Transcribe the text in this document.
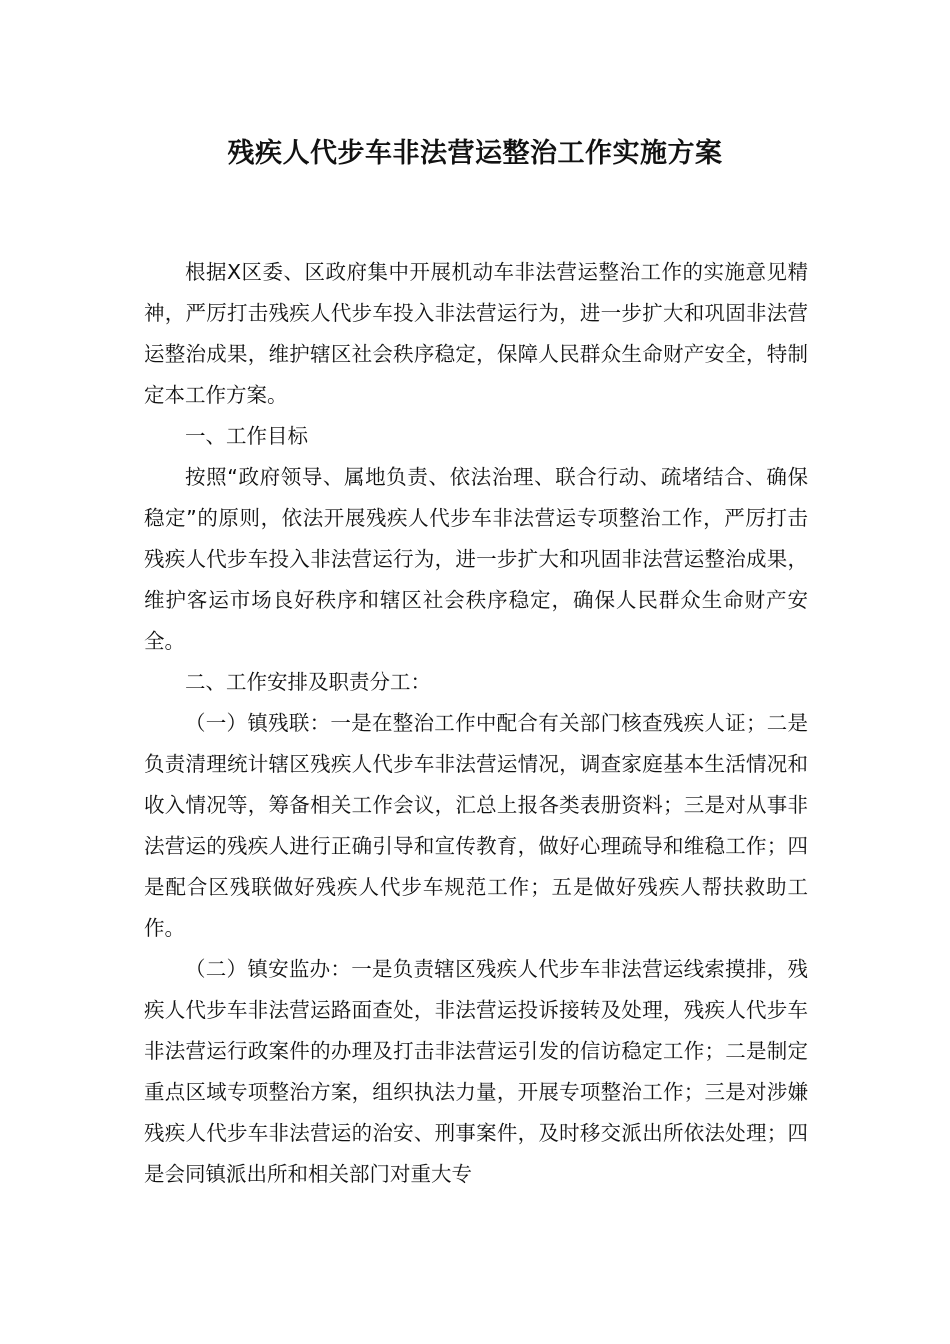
残疾人代步车非法营运整治工作实施方案

根据X区委、区政府集中开展机动车非法营运整治工作的实施意见精神，严厉打击残疾人代步车投入非法营运行为，进一步扩大和巩固非法营运整治成果，维护辖区社会秩序稳定，保障人民群众生命财产安全，特制定本工作方案。

一、工作目标

按照“政府领导、属地负责、依法治理、联合行动、疏堵结合、确保稳定”的原则，依法开展残疾人代步车非法营运专项整治工作，严厉打击残疾人代步车投入非法营运行为，进一步扩大和巩固非法营运整治成果，维护客运市场良好秩序和辖区社会秩序稳定，确保人民群众生命财产安全。

二、工作安排及职责分工：

（一）镇残联：一是在整治工作中配合有关部门核查残疾人证；二是负责清理统计辖区残疾人代步车非法营运情况，调查家庭基本生活情况和收入情况等，筹备相关工作会议，汇总上报各类表册资料；三是对从事非法营运的残疾人进行正确引导和宣传教育，做好心理疏导和维稳工作；四是配合区残联做好残疾人代步车规范工作；五是做好残疾人帮扶救助工作。

（二）镇安监办：一是负责辖区残疾人代步车非法营运线索摸排，残疾人代步车非法营运路面查处，非法营运投诉接转及处理，残疾人代步车非法营运行政案件的办理及打击非法营运引发的信访稳定工作；二是制定重点区域专项整治方案，组织执法力量，开展专项整治工作；三是对涉嫌残疾人代步车非法营运的治安、刑事案件，及时移交派出所依法处理；四是会同镇派出所和相关部门对重大专
